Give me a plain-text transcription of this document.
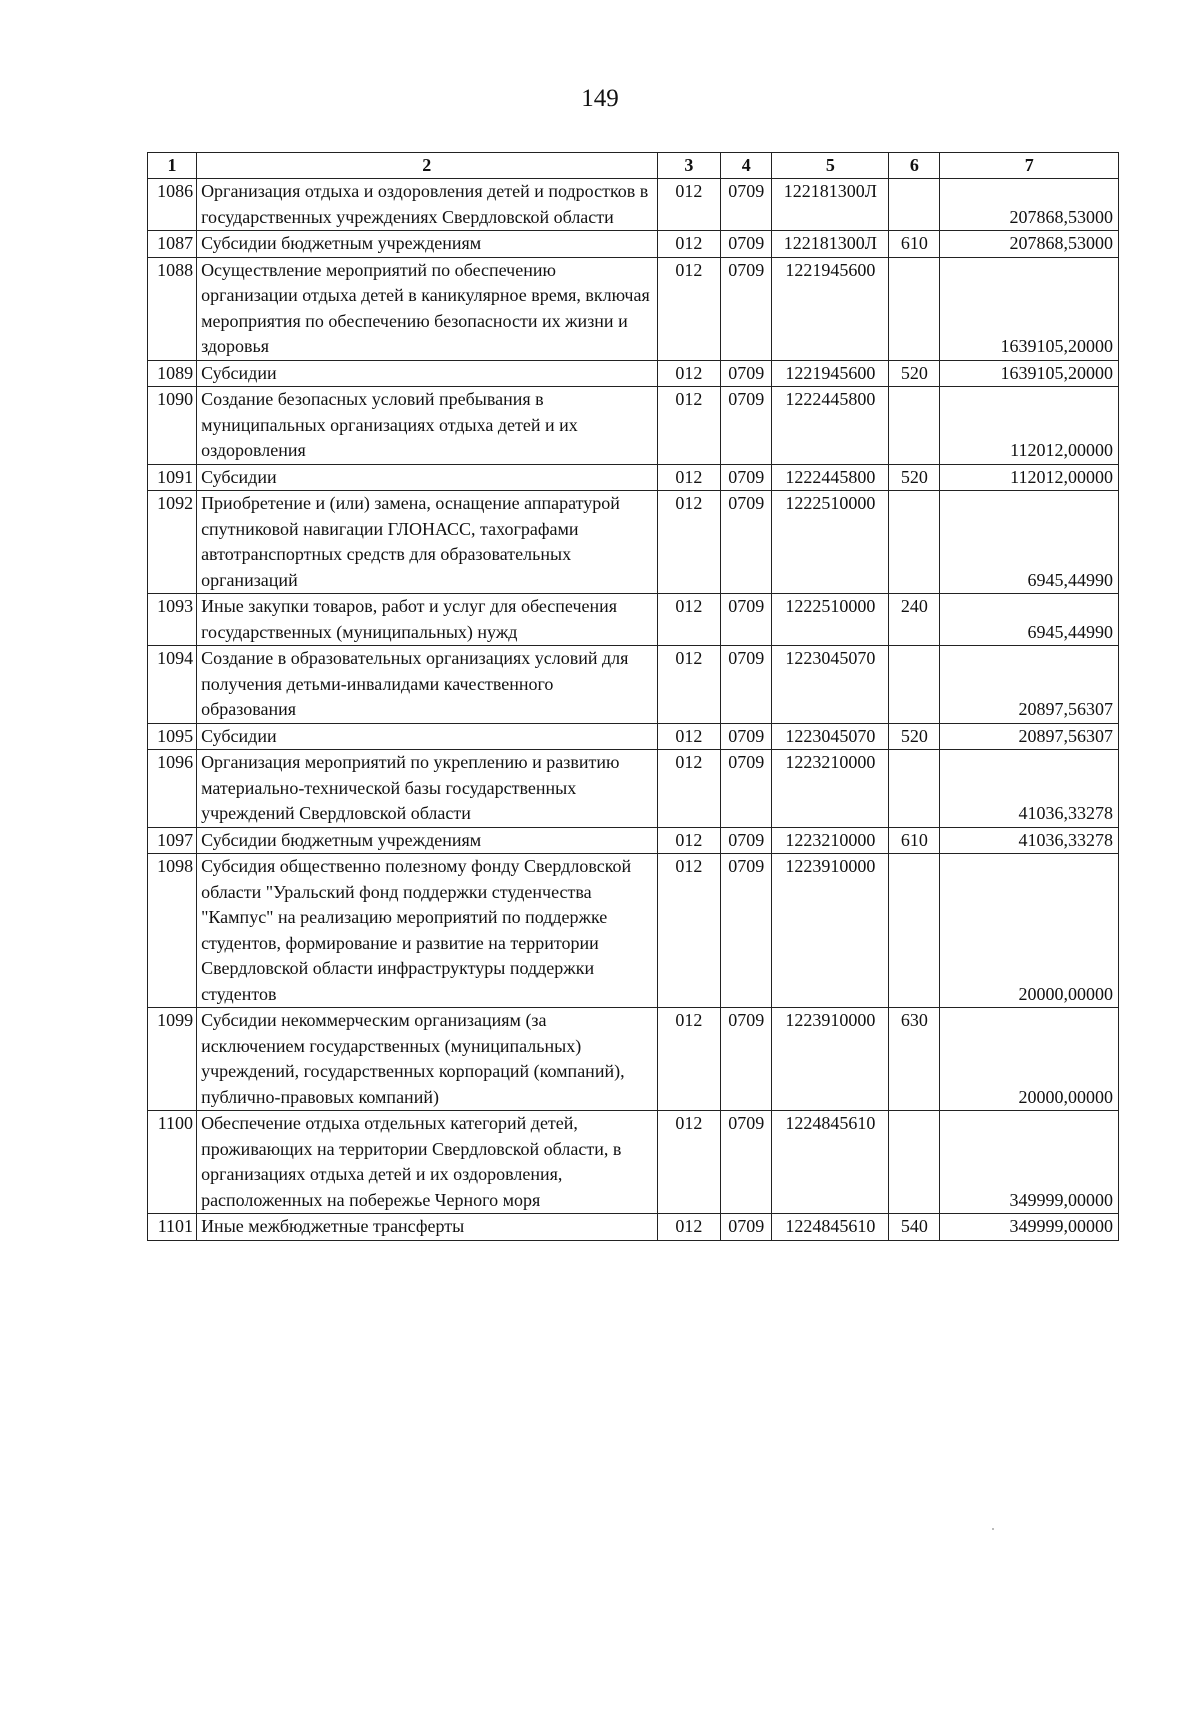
149
1	2	3	4	5	6	7
1086	Организация отдыха и оздоровления детей и подростков в государственных учреждениях Свердловской области	012	0709	122181300Л		207868,53000
1087	Субсидии бюджетным учреждениям	012	0709	122181300Л	610	207868,53000
1088	Осуществление мероприятий по обеспечению организации отдыха детей в каникулярное время, включая мероприятия по обеспечению безопасности их жизни и здоровья	012	0709	1221945600		1639105,20000
1089	Субсидии	012	0709	1221945600	520	1639105,20000
1090	Создание безопасных условий пребывания в муниципальных организациях отдыха детей и их оздоровления	012	0709	1222445800		112012,00000
1091	Субсидии	012	0709	1222445800	520	112012,00000
1092	Приобретение и (или) замена, оснащение аппаратурой спутниковой навигации ГЛОНАСС, тахографами автотранспортных средств для образовательных организаций	012	0709	1222510000		6945,44990
1093	Иные закупки товаров, работ и услуг для обеспечения государственных (муниципальных) нужд	012	0709	1222510000	240	6945,44990
1094	Создание в образовательных организациях условий для получения детьми-инвалидами качественного образования	012	0709	1223045070		20897,56307
1095	Субсидии	012	0709	1223045070	520	20897,56307
1096	Организация мероприятий по укреплению и развитию материально-технической базы государственных учреждений Свердловской области	012	0709	1223210000		41036,33278
1097	Субсидии бюджетным учреждениям	012	0709	1223210000	610	41036,33278
1098	Субсидия общественно полезному фонду Свердловской области "Уральский фонд поддержки студенчества "Кампус" на реализацию мероприятий по поддержке студентов, формирование и развитие на территории Свердловской области инфраструктуры поддержки студентов	012	0709	1223910000		20000,00000
1099	Субсидии некоммерческим организациям (за исключением государственных (муниципальных) учреждений, государственных корпораций (компаний), публично-правовых компаний)	012	0709	1223910000	630	20000,00000
1100	Обеспечение отдыха отдельных категорий детей, проживающих на территории Свердловской области, в организациях отдыха детей и их оздоровления, расположенных на побережье Черного моря	012	0709	1224845610		349999,00000
1101	Иные межбюджетные трансферты	012	0709	1224845610	540	349999,00000
